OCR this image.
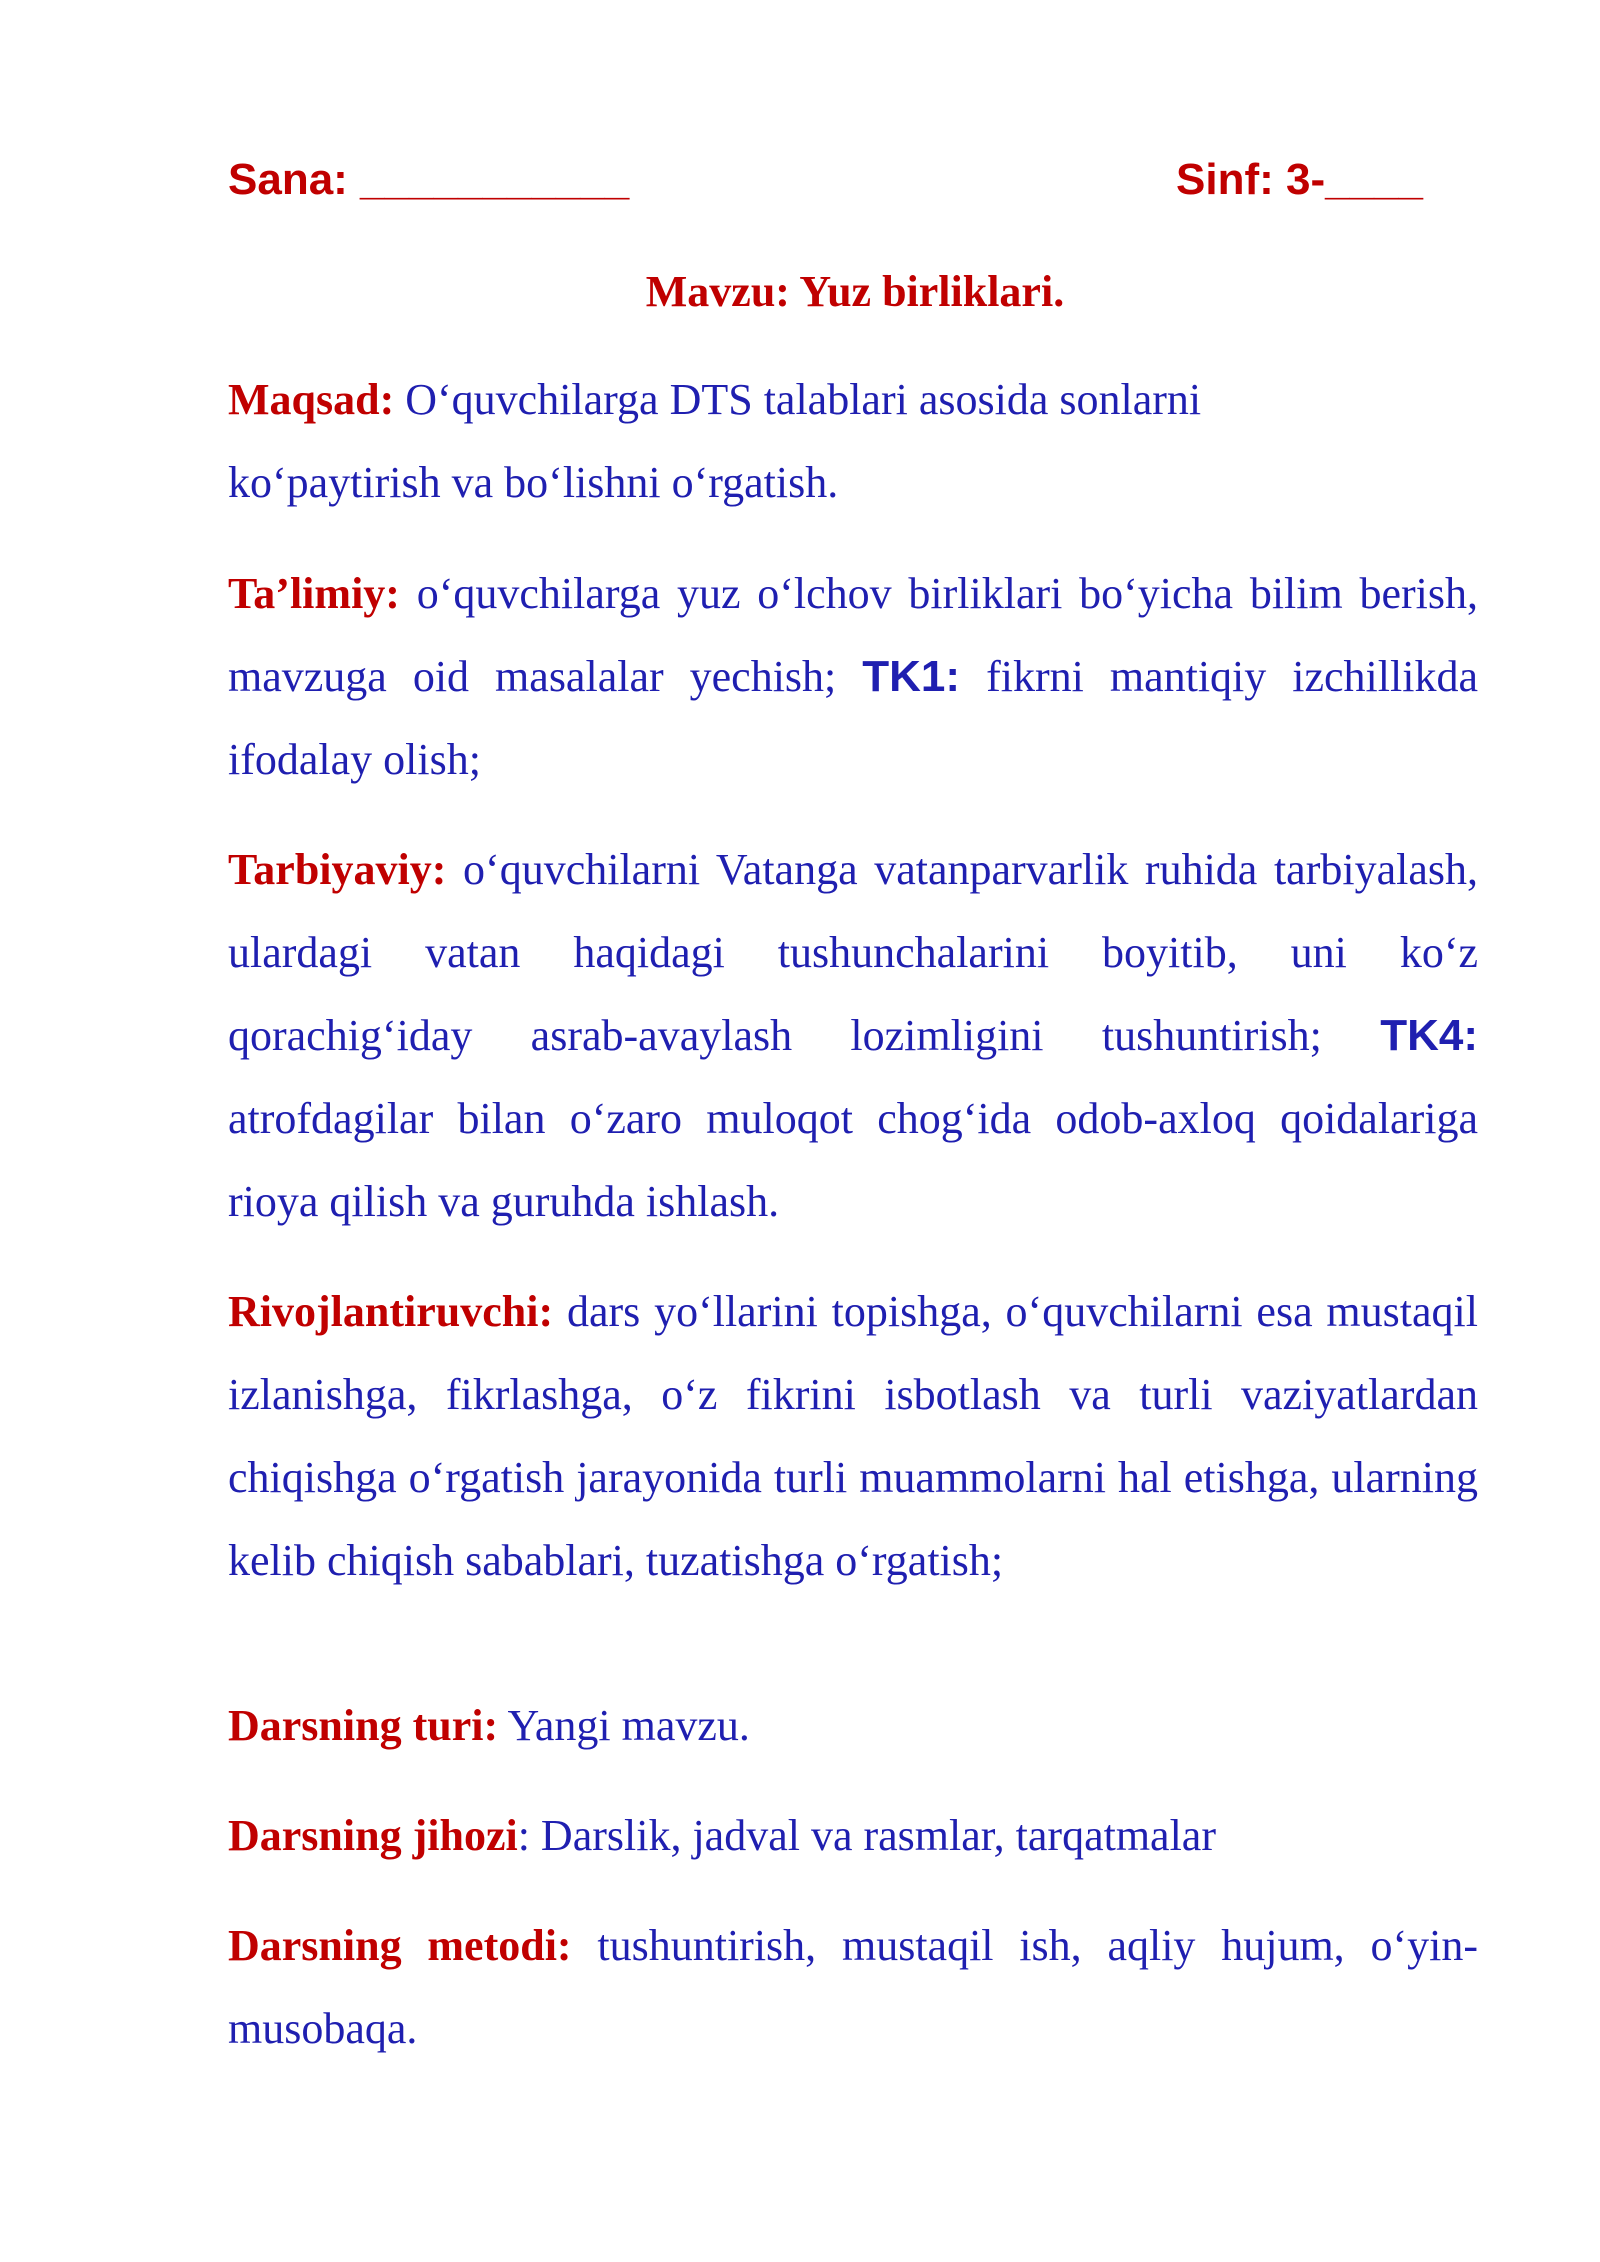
Sana: ___________	Sinf: 3-____
Mavzu: Yuz birliklari.
Maqsad: O‘quvchilarga DTS talablari asosida sonlarni
ko‘paytirish va bo‘lishni o‘rgatish.
Ta’limiy: o‘quvchilarga yuz o‘lchov birliklari bo‘yicha bilim berish, mavzuga oid masalalar yechish; TK1: fikrni mantiqiy izchillikda ifodalay olish;
Tarbiyaviy: o‘quvchilarni Vatanga vatanparvarlik ruhida tarbiyalash, ulardagi vatan haqidagi tushunchalarini boyitib, uni ko‘z qorachig‘iday asrab-avaylash lozimligini tushuntirish; TK4: atrofdagilar bilan o‘zaro muloqot chog‘ida odob-axloq qoidalariga rioya qilish va guruhda ishlash.
Rivojlantiruvchi: dars yo‘llarini topishga, o‘quvchilarni esa mustaqil izlanishga, fikrlashga, o‘z fikrini isbotlash va turli vaziyatlardan chiqishga o‘rgatish jarayonida turli muammolarni hal etishga, ularning kelib chiqish sabablari, tuzatishga o‘rgatish;
Darsning turi: Yangi mavzu.
Darsning jihozi: Darslik, jadval va rasmlar, tarqatmalar
Darsning metodi: tushuntirish, mustaqil ish, aqliy hujum, o‘yin-musobaqa.
